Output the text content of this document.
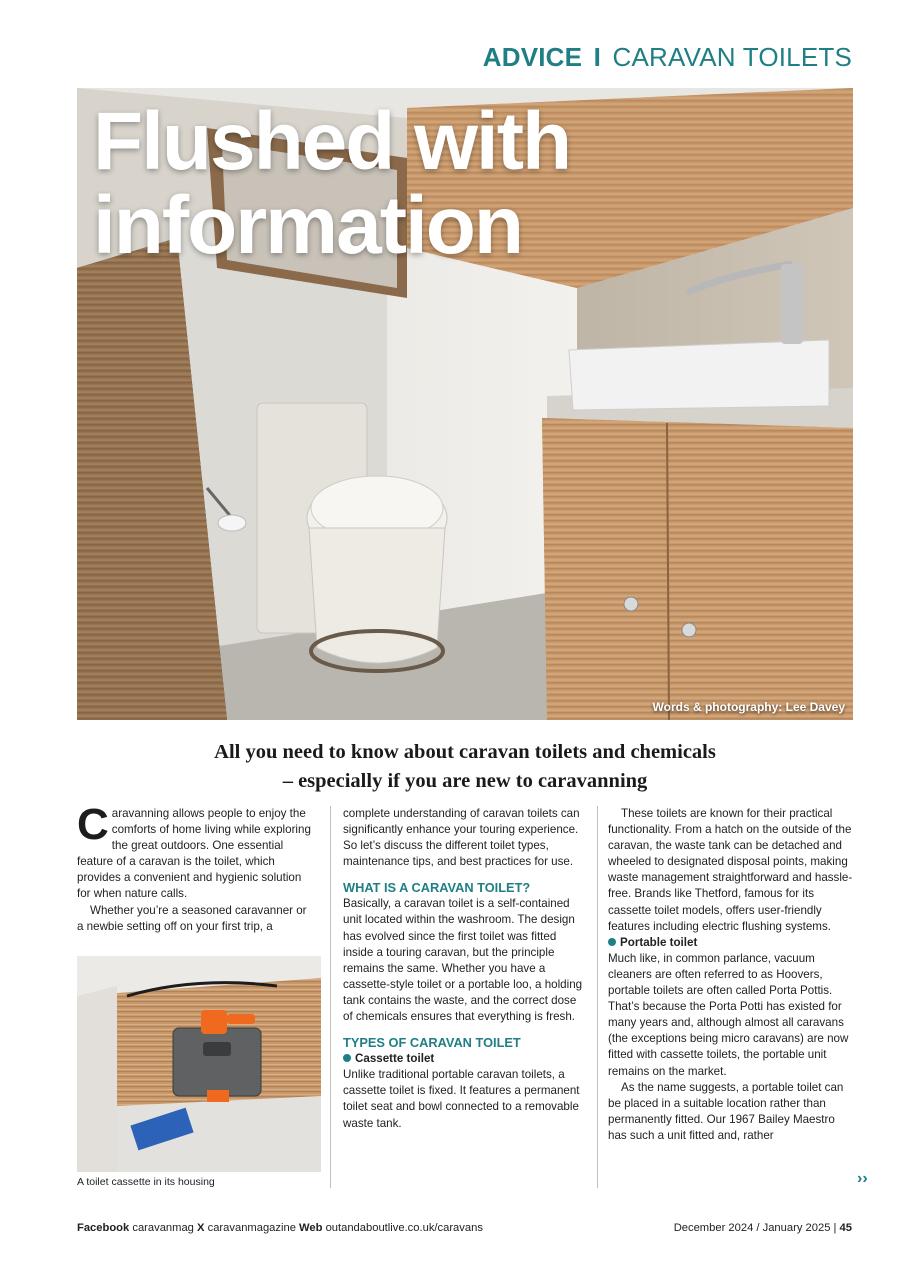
ADVICE I CARAVAN TOILETS
Flushed with
information
Words & photography: Lee Davey
All you need to know about caravan toilets and chemicals
– especially if you are new to caravanning

Caravanning allows people to enjoy the comforts of home living while exploring the great outdoors. One essential feature of a caravan is the toilet, which provides a convenient and hygienic solution for when nature calls.

Whether you’re a seasoned caravanner or a newbie setting off on your first trip, a

A toilet cassette in its housing

complete understanding of caravan toilets can significantly enhance your touring experience. So let’s discuss the different toilet types, maintenance tips, and best practices for use.

WHAT IS A CARAVAN TOILET?

Basically, a caravan toilet is a self-contained unit located within the washroom. The design has evolved since the first toilet was fitted inside a touring caravan, but the principle remains the same. Whether you have a cassette-style toilet or a portable loo, a holding tank contains the waste, and the correct dose of chemicals ensures that everything is fresh.

TYPES OF CARAVAN TOILET
Cassette toilet

Unlike traditional portable caravan toilets, a cassette toilet is fixed. It features a permanent toilet seat and bowl connected to a removable waste tank.

These toilets are known for their practical functionality. From a hatch on the outside of the caravan, the waste tank can be detached and wheeled to designated disposal points, making waste management straightforward and hassle-free. Brands like Thetford, famous for its cassette toilet models, offers user-friendly features including electric flushing systems.

Portable toilet

Much like, in common parlance, vacuum cleaners are often referred to as Hoovers, portable toilets are often called Porta Pottis. That’s because the Porta Potti has existed for many years and, although almost all caravans (the exceptions being micro caravans) are now fitted with cassette toilets, the portable unit remains on the market.

As the name suggests, a portable toilet can be placed in a suitable location rather than permanently fitted. Our 1967 Bailey Maestro has such a unit fitted and, rather

››
Facebook caravanmag X caravanmagazine Web outandaboutlive.co.uk/caravans	December 2024 / January 2025 | 45
